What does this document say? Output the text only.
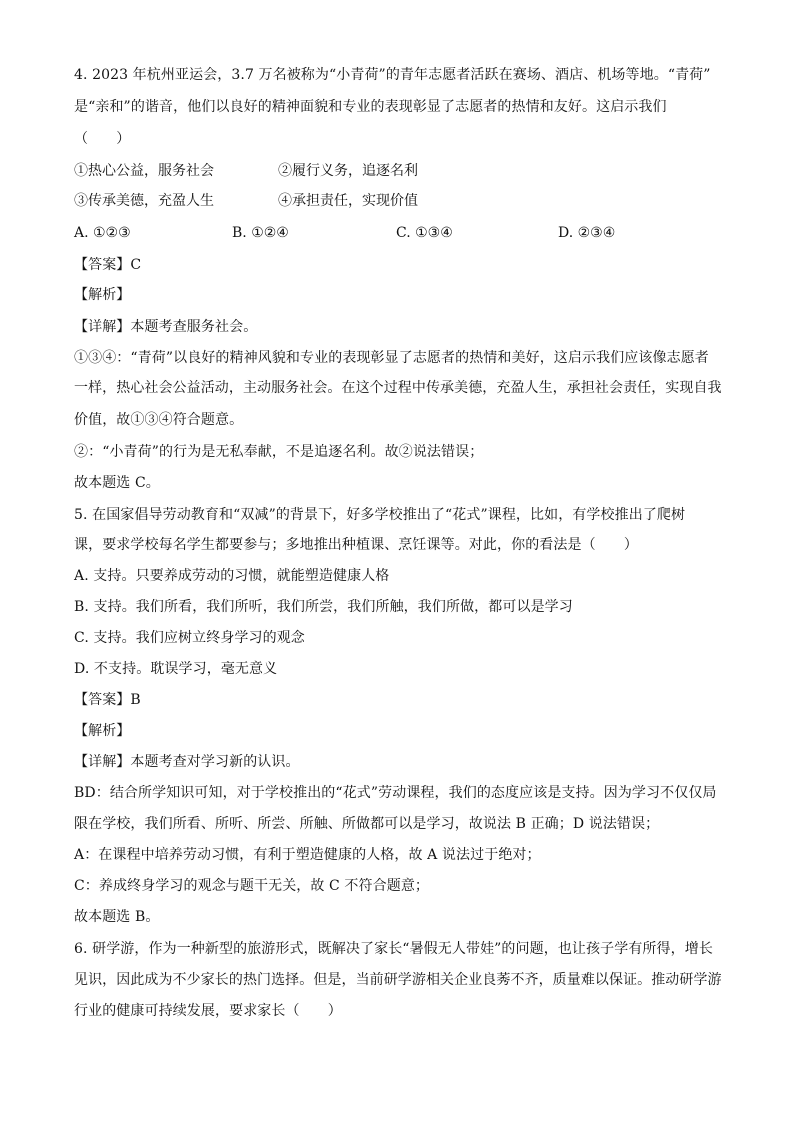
4. 2023 年杭州亚运会，3.7 万名被称为“小青荷”的青年志愿者活跃在赛场、酒店、机场等地。“青荷”
是“亲和”的谐音，他们以良好的精神面貌和专业的表现彰显了志愿者的热情和友好。这启示我们
（　　）
①热心公益，服务社会	②履行义务，追逐名利
③传承美德，充盈人生	④承担责任，实现价值
A. ①②③	B. ①②④	C. ①③④	D. ②③④
【答案】C
【解析】
【详解】本题考查服务社会。
①③④：“青荷”以良好的精神风貌和专业的表现彰显了志愿者的热情和美好，这启示我们应该像志愿者
一样，热心社会公益活动，主动服务社会。在这个过程中传承美德，充盈人生，承担社会责任，实现自我
价值，故①③④符合题意。
②：“小青荷”的行为是无私奉献，不是追逐名利。故②说法错误；
故本题选 C。
5. 在国家倡导劳动教育和“双减”的背景下，好多学校推出了“花式”课程，比如，有学校推出了爬树
课，要求学校每名学生都要参与；多地推出种植课、烹饪课等。对此，你的看法是（　　）
A. 支持。只要养成劳动的习惯，就能塑造健康人格
B. 支持。我们所看，我们所听，我们所尝，我们所触，我们所做，都可以是学习
C. 支持。我们应树立终身学习的观念
D. 不支持。耽误学习，毫无意义
【答案】B
【解析】
【详解】本题考查对学习新的认识。
BD：结合所学知识可知，对于学校推出的“花式”劳动课程，我们的态度应该是支持。因为学习不仅仅局
限在学校，我们所看、所听、所尝、所触、所做都可以是学习，故说法 B 正确；D 说法错误；
A：在课程中培养劳动习惯，有利于塑造健康的人格，故 A 说法过于绝对；
C：养成终身学习的观念与题干无关，故 C 不符合题意；
故本题选 B。
6. 研学游，作为一种新型的旅游形式，既解决了家长“暑假无人带娃”的问题，也让孩子学有所得，增长
见识，因此成为不少家长的热门选择。但是，当前研学游相关企业良莠不齐，质量难以保证。推动研学游
行业的健康可持续发展，要求家长（　　）
